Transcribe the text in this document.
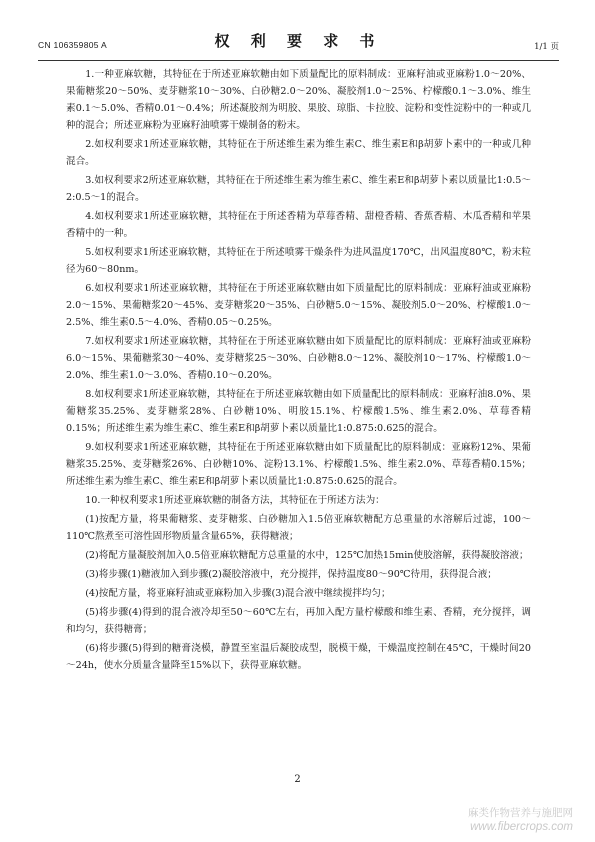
CN 106359805 A	权 利 要 求 书	1/1 页

1.一种亚麻软糖，其特征在于所述亚麻软糖由如下质量配比的原料制成：亚麻籽油或亚麻粉1.0～20%、果葡糖浆20～50%、麦芽糖浆10～30%、白砂糖2.0～20%、凝胶剂1.0～25%、柠檬酸0.1～3.0%、维生素0.1～5.0%、香精0.01～0.4%；所述凝胶剂为明胶、果胶、琼脂、卡拉胶、淀粉和变性淀粉中的一种或几种的混合；所述亚麻粉为亚麻籽油喷雾干燥制备的粉末。

2.如权利要求1所述亚麻软糖，其特征在于所述维生素为维生素C、维生素E和β胡萝卜素中的一种或几种混合。

3.如权利要求2所述亚麻软糖，其特征在于所述维生素为维生素C、维生素E和β胡萝卜素以质量比1:0.5～2:0.5～1的混合。

4.如权利要求1所述亚麻软糖，其特征在于所述香精为草莓香精、甜橙香精、香蕉香精、木瓜香精和苹果香精中的一种。

5.如权利要求1所述亚麻软糖，其特征在于所述喷雾干燥条件为进风温度170℃，出风温度80℃，粉末粒径为60～80nm。

6.如权利要求1所述亚麻软糖，其特征在于所述亚麻软糖由如下质量配比的原料制成：亚麻籽油或亚麻粉2.0～15%、果葡糖浆20～45%、麦芽糖浆20～35%、白砂糖5.0～15%、凝胶剂5.0～20%、柠檬酸1.0～2.5%、维生素0.5～4.0%、香精0.05～0.25%。

7.如权利要求1所述亚麻软糖，其特征在于所述亚麻软糖由如下质量配比的原料制成：亚麻籽油或亚麻粉6.0～15%、果葡糖浆30～40%、麦芽糖浆25～30%、白砂糖8.0～12%、凝胶剂10～17%、柠檬酸1.0～2.0%、维生素1.0～3.0%、香精0.10～0.20%。

8.如权利要求1所述亚麻软糖，其特征在于所述亚麻软糖由如下质量配比的原料制成：亚麻籽油8.0%、果葡糖浆35.25%、麦芽糖浆28%、白砂糖10%、明胶15.1%、柠檬酸1.5%、维生素2.0%、草莓香精0.15%；所述维生素为维生素C、维生素E和β胡萝卜素以质量比1:0.875:0.625的混合。

9.如权利要求1所述亚麻软糖，其特征在于所述亚麻软糖由如下质量配比的原料制成：亚麻粉12%、果葡糖浆35.25%、麦芽糖浆26%、白砂糖10%、淀粉13.1%、柠檬酸1.5%、维生素2.0%、草莓香精0.15%；所述维生素为维生素C、维生素E和β胡萝卜素以质量比1:0.875:0.625的混合。

10.一种权利要求1所述亚麻软糖的制备方法，其特征在于所述方法为：

(1)按配方量，将果葡糖浆、麦芽糖浆、白砂糖加入1.5倍亚麻软糖配方总重量的水溶解后过滤，100～110℃熬煮至可溶性固形物质量含量65%，获得糖液；

(2)将配方量凝胶剂加入0.5倍亚麻软糖配方总重量的水中，125℃加热15min使胶溶解，获得凝胶溶液；

(3)将步骤(1)糖液加入到步骤(2)凝胶溶液中，充分搅拌，保持温度80～90℃待用，获得混合液；

(4)按配方量，将亚麻籽油或亚麻粉加入步骤(3)混合液中继续搅拌均匀；

(5)将步骤(4)得到的混合液冷却至50～60℃左右，再加入配方量柠檬酸和维生素、香精，充分搅拌，调和均匀，获得糖膏；

(6)将步骤(5)得到的糖膏浇模，静置至室温后凝胶成型，脱模干燥，干燥温度控制在45℃，干燥时间20～24h，使水分质量含量降至15%以下，获得亚麻软糖。

2
麻类作物营养与施肥网
www.fibercrops.com
